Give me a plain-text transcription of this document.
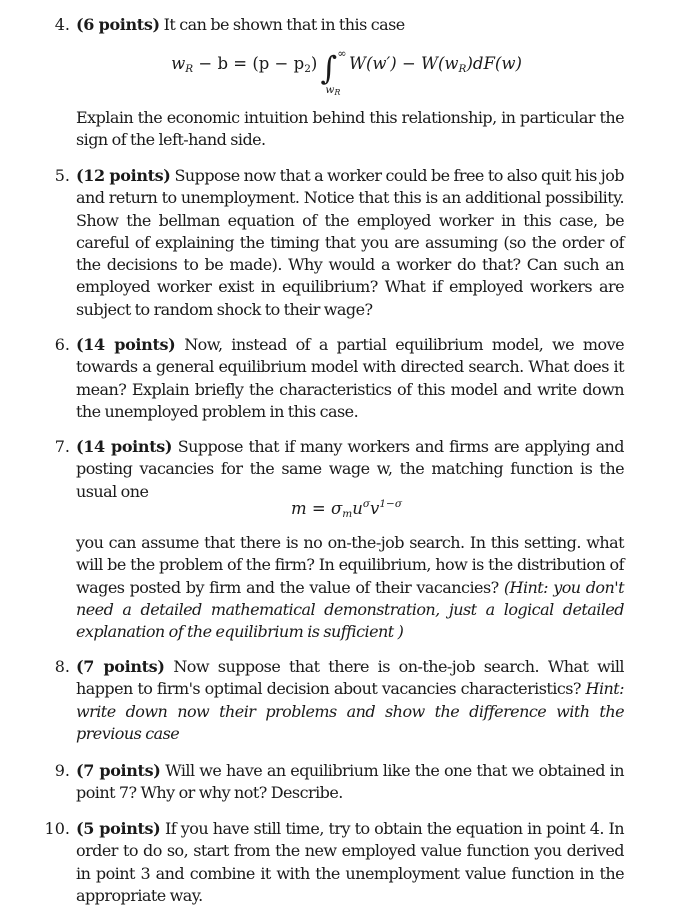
4. (6 points) It can be shown that in this case
$w_R - b = (p - p_2)\int$ ∞
$w_R$
$W(w') - W(w_R)dF(w)$
Explain the economic intuition behind this relationship, in particular the sign of the left-hand side.
5. (12 points) Suppose now that a worker could be free to also quit his job and return to unemployment. Notice that this is an additional possibility. Show the bellman equation of the employed worker in this case, be careful of explaining the timing that you are assuming (so the order of the decisions to be made). Why would a worker do that? Can such an employed worker exist in equilibrium? What if employed workers are subject to random shock to their wage?
6. (14 points) Now, instead of a partial equilibrium model, we move towards a general equilibrium model with directed search. What does it mean? Explain briefly the characteristics of this model and write down the unemployed problem in this case.
7. (14 points) Suppose that if many workers and firms are applying and posting vacancies for the same wage w, the matching function is the usual one
$m = \sigma_mu^\sigma v^{1-\sigma}$
you can assume that there is no on-the-job search. In this setting. what will be the problem of the firm? In equilibrium, how is the distribution of wages posted by firm and the value of their vacancies? (Hint: you don't need a detailed mathematical demonstration, just a logical detailed explanation of the equilibrium is sufficient )
8. (7 points) Now suppose that there is on-the-job search. What will happen to firm's optimal decision about vacancies characteristics? Hint: write down now their problems and show the difference with the previous case
9. (7 points) Will we have an equilibrium like the one that we obtained in point 7? Why or why not? Describe.
10. (5 points) If you have still time, try to obtain the equation in point 4. In order to do so, start from the new employed value function you derived in point 3 and combine it with the unemployment value function in the appropriate way.
